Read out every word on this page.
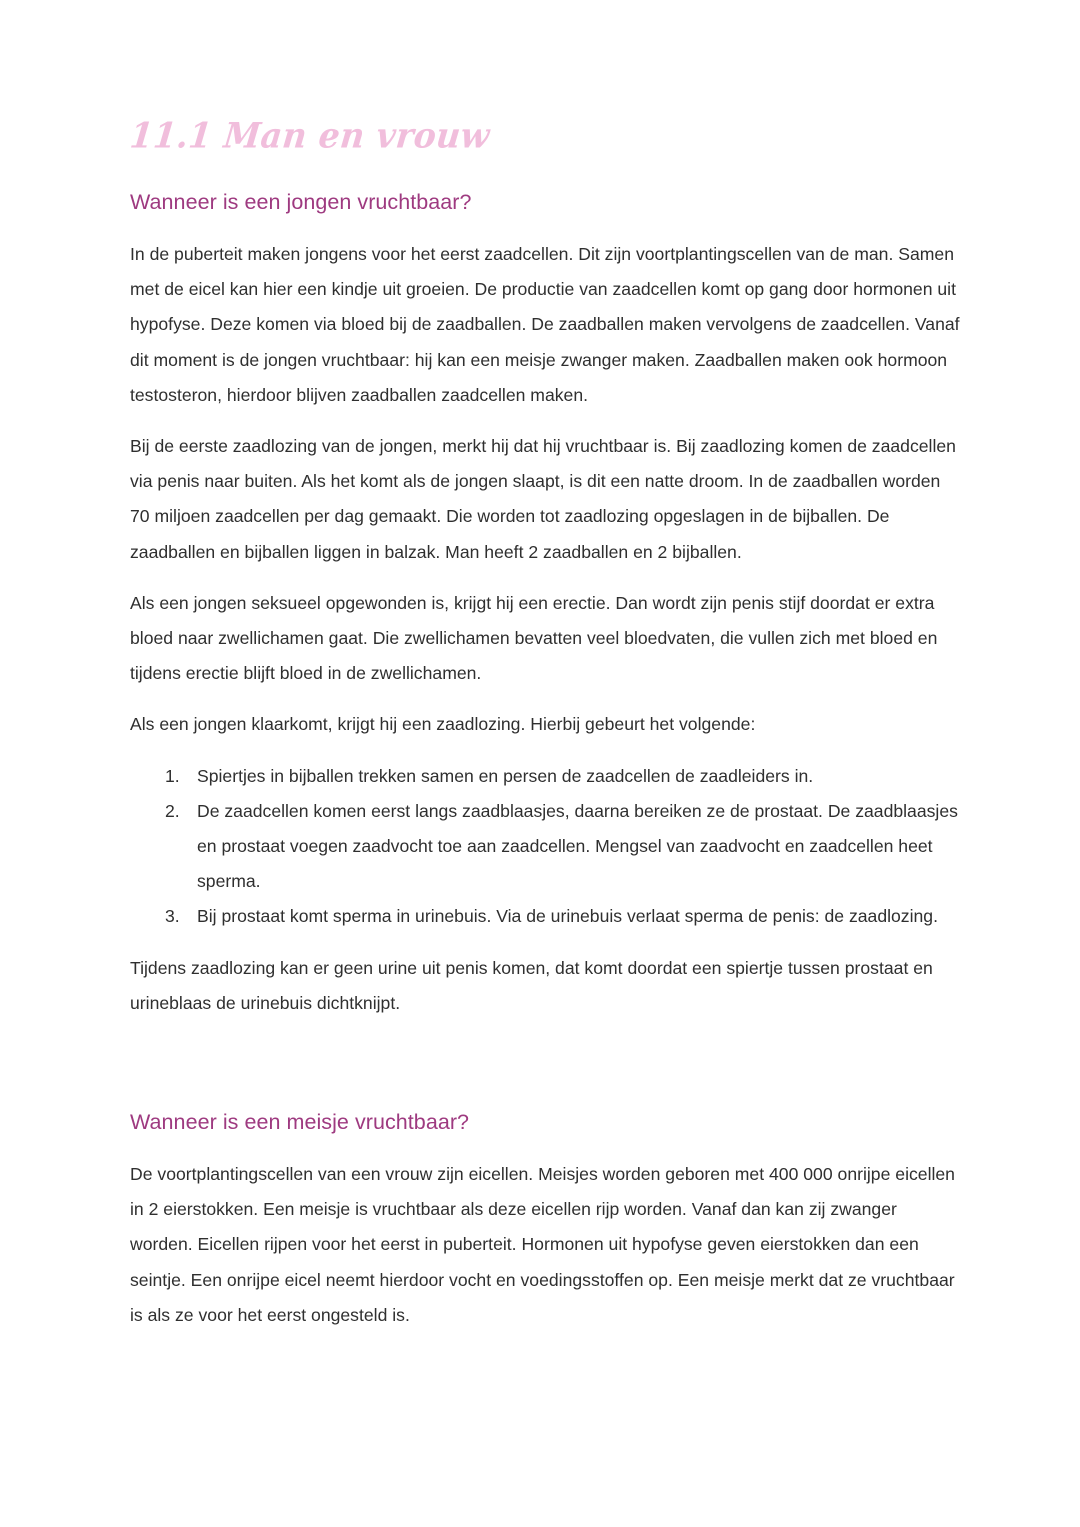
11.1 Man en vrouw
Wanneer is een jongen vruchtbaar?

In de puberteit maken jongens voor het eerst zaadcellen. Dit zijn voortplantingscellen van de man. Samen met de eicel kan hier een kindje uit groeien. De productie van zaadcellen komt op gang door hormonen uit hypofyse. Deze komen via bloed bij de zaadballen. De zaadballen maken vervolgens de zaadcellen. Vanaf dit moment is de jongen vruchtbaar: hij kan een meisje zwanger maken. Zaadballen maken ook hormoon testosteron, hierdoor blijven zaadballen zaadcellen maken.

Bij de eerste zaadlozing van de jongen, merkt hij dat hij vruchtbaar is. Bij zaadlozing komen de zaadcellen via penis naar buiten. Als het komt als de jongen slaapt, is dit een natte droom. In de zaadballen worden 70 miljoen zaadcellen per dag gemaakt. Die worden tot zaadlozing opgeslagen in de bijballen. De zaadballen en bijballen liggen in balzak. Man heeft 2 zaadballen en 2 bijballen.

Als een jongen seksueel opgewonden is, krijgt hij een erectie. Dan wordt zijn penis stijf doordat er extra bloed naar zwellichamen gaat. Die zwellichamen bevatten veel bloedvaten, die vullen zich met bloed en tijdens erectie blijft bloed in de zwellichamen.

Als een jongen klaarkomt, krijgt hij een zaadlozing. Hierbij gebeurt het volgende:

Spiertjes in bijballen trekken samen en persen de zaadcellen de zaadleiders in.
De zaadcellen komen eerst langs zaadblaasjes, daarna bereiken ze de prostaat. De zaadblaasjes en prostaat voegen zaadvocht toe aan zaadcellen. Mengsel van zaadvocht en zaadcellen heet sperma.
Bij prostaat komt sperma in urinebuis. Via de urinebuis verlaat sperma de penis: de zaadlozing.

Tijdens zaadlozing kan er geen urine uit penis komen, dat komt doordat een spiertje tussen prostaat en urineblaas de urinebuis dichtknijpt.

Wanneer is een meisje vruchtbaar?

De voortplantingscellen van een vrouw zijn eicellen. Meisjes worden geboren met 400 000 onrijpe eicellen in 2 eierstokken. Een meisje is vruchtbaar als deze eicellen rijp worden. Vanaf dan kan zij zwanger worden. Eicellen rijpen voor het eerst in puberteit. Hormonen uit hypofyse geven eierstokken dan een seintje. Een onrijpe eicel neemt hierdoor vocht en voedingsstoffen op. Een meisje merkt dat ze vruchtbaar is als ze voor het eerst ongesteld is.
